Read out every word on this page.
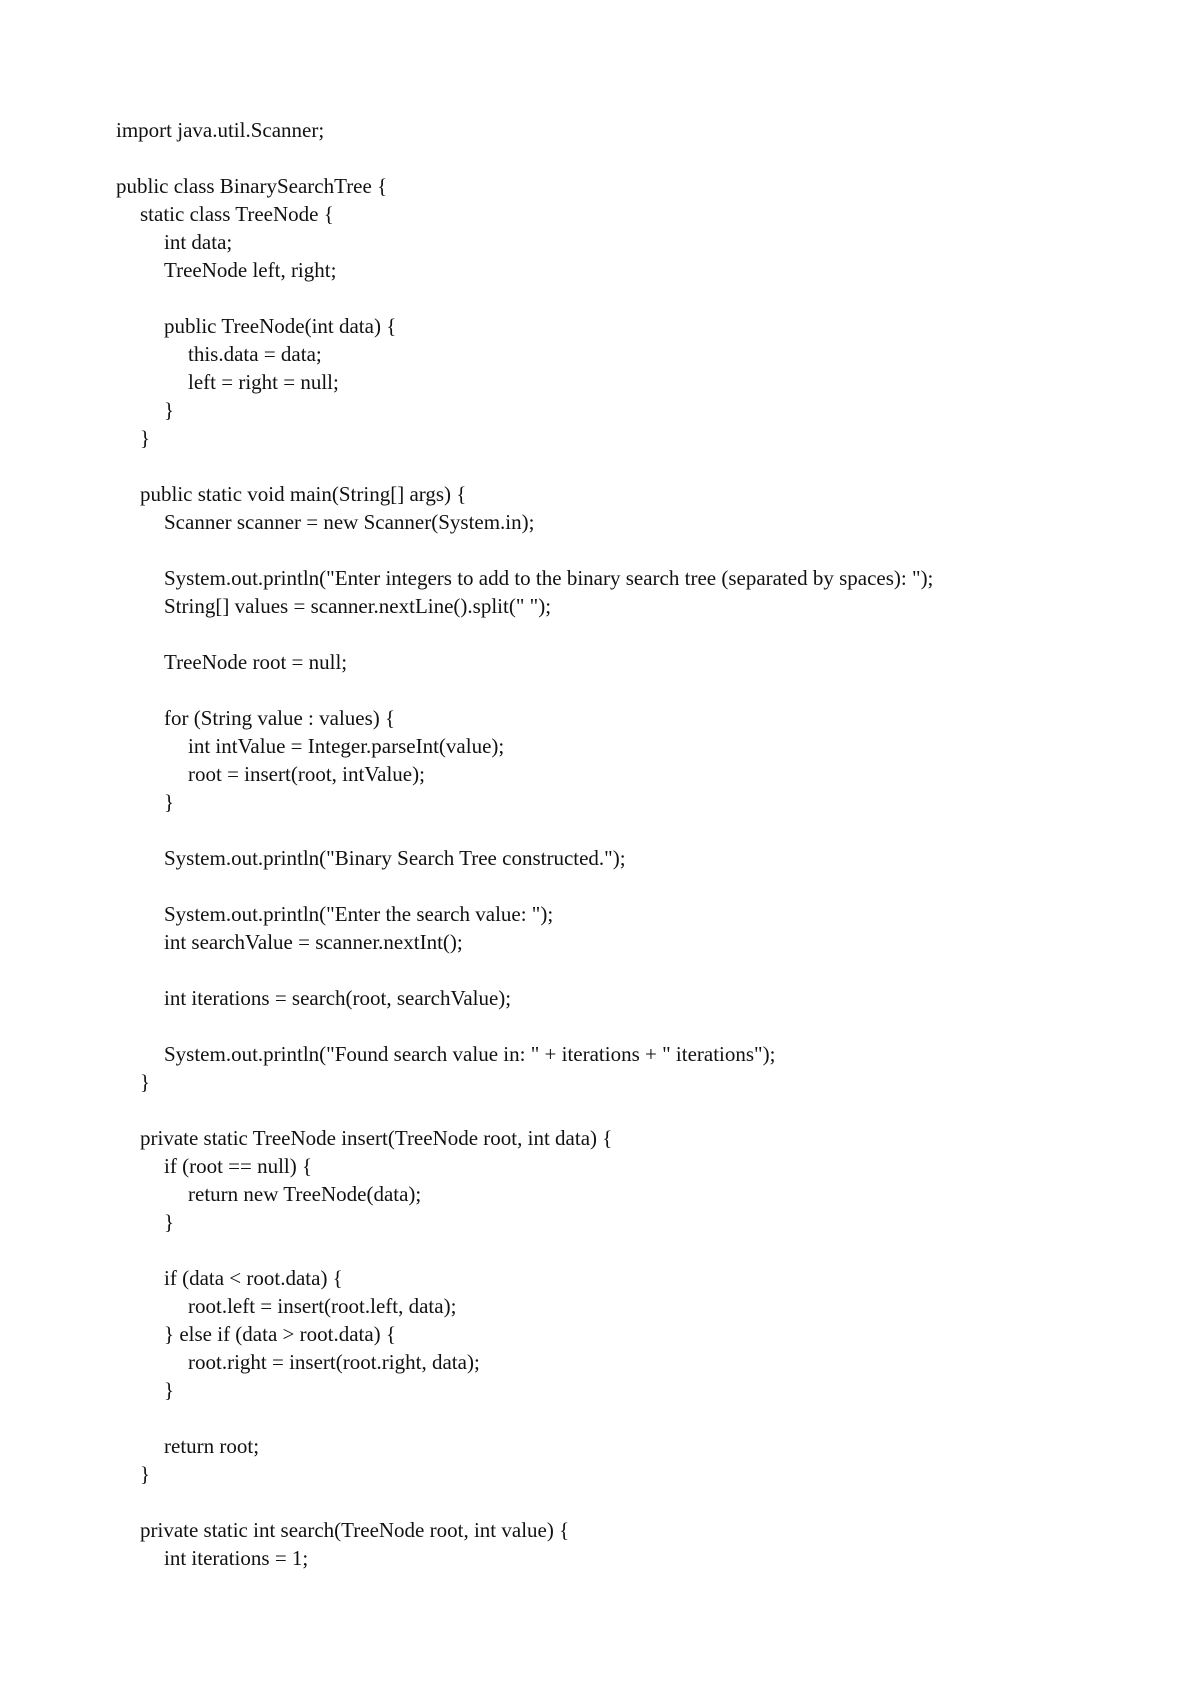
import java.util.Scanner;
public class BinarySearchTree {
static class TreeNode {
int data;
TreeNode left, right;
public TreeNode(int data) {
this.data = data;
left = right = null;
}
}
public static void main(String[] args) {
Scanner scanner = new Scanner(System.in);
System.out.println("Enter integers to add to the binary search tree (separated by spaces): ");
String[] values = scanner.nextLine().split(" ");
TreeNode root = null;
for (String value : values) {
int intValue = Integer.parseInt(value);
root = insert(root, intValue);
}
System.out.println("Binary Search Tree constructed.");
System.out.println("Enter the search value: ");
int searchValue = scanner.nextInt();
int iterations = search(root, searchValue);
System.out.println("Found search value in: " + iterations + " iterations");
}
private static TreeNode insert(TreeNode root, int data) {
if (root == null) {
return new TreeNode(data);
}
if (data < root.data) {
root.left = insert(root.left, data);
} else if (data > root.data) {
root.right = insert(root.right, data);
}
return root;
}
private static int search(TreeNode root, int value) {
int iterations = 1;
